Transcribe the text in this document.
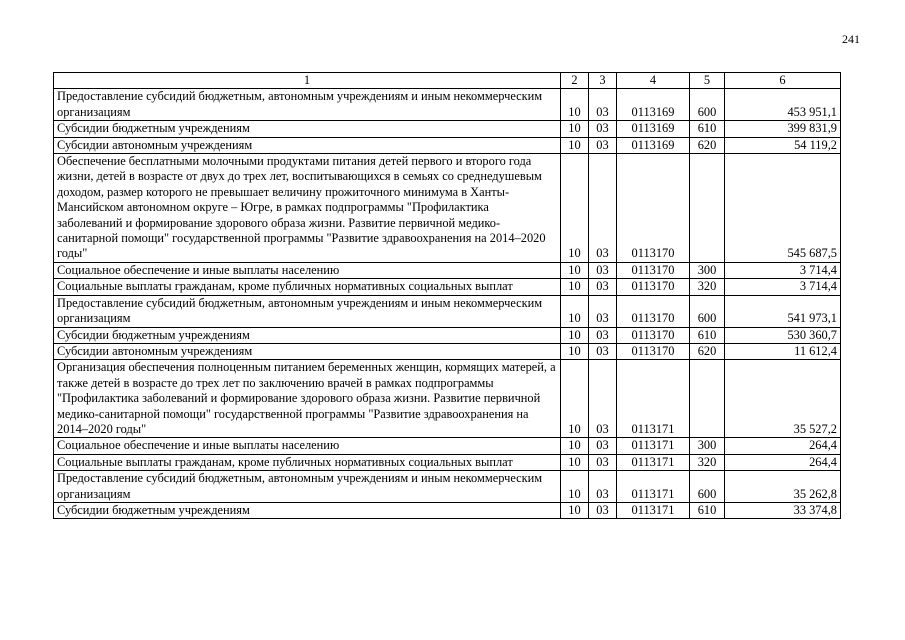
241
1	2	3	4	5	6
Предоставление субсидий бюджетным, автономным учреждениям и иным некоммерческим организациям	10	03	0113169	600	453 951,1
Субсидии бюджетным учреждениям	10	03	0113169	610	399 831,9
Субсидии автономным учреждениям	10	03	0113169	620	54 119,2
Обеспечение бесплатными молочными продуктами питания детей первого и второго года жизни, детей в возрасте от двух до трех лет, воспитывающихся в семьях со среднедушевым доходом, размер которого не превышает величину прожиточного минимума в Ханты-Мансийском автономном округе – Югре, в рамках подпрограммы "Профилактика заболеваний и формирование здорового образа жизни. Развитие первичной медико-санитарной помощи" государственной программы "Развитие здравоохранения на 2014–2020 годы"	10	03	0113170		545 687,5
Социальное обеспечение и иные выплаты населению	10	03	0113170	300	3 714,4
Социальные выплаты гражданам, кроме публичных нормативных социальных выплат	10	03	0113170	320	3 714,4
Предоставление субсидий бюджетным, автономным учреждениям и иным некоммерческим организациям	10	03	0113170	600	541 973,1
Субсидии бюджетным учреждениям	10	03	0113170	610	530 360,7
Субсидии автономным учреждениям	10	03	0113170	620	11 612,4
Организация обеспечения полноценным питанием беременных женщин, кормящих матерей, а также детей в возрасте до трех лет по заключению врачей в рамках подпрограммы "Профилактика заболеваний и формирование здорового образа жизни. Развитие первичной медико-санитарной помощи" государственной программы "Развитие здравоохранения на 2014–2020 годы"	10	03	0113171		35 527,2
Социальное обеспечение и иные выплаты населению	10	03	0113171	300	264,4
Социальные выплаты гражданам, кроме публичных нормативных социальных выплат	10	03	0113171	320	264,4
Предоставление субсидий бюджетным, автономным учреждениям и иным некоммерческим организациям	10	03	0113171	600	35 262,8
Субсидии бюджетным учреждениям	10	03	0113171	610	33 374,8
